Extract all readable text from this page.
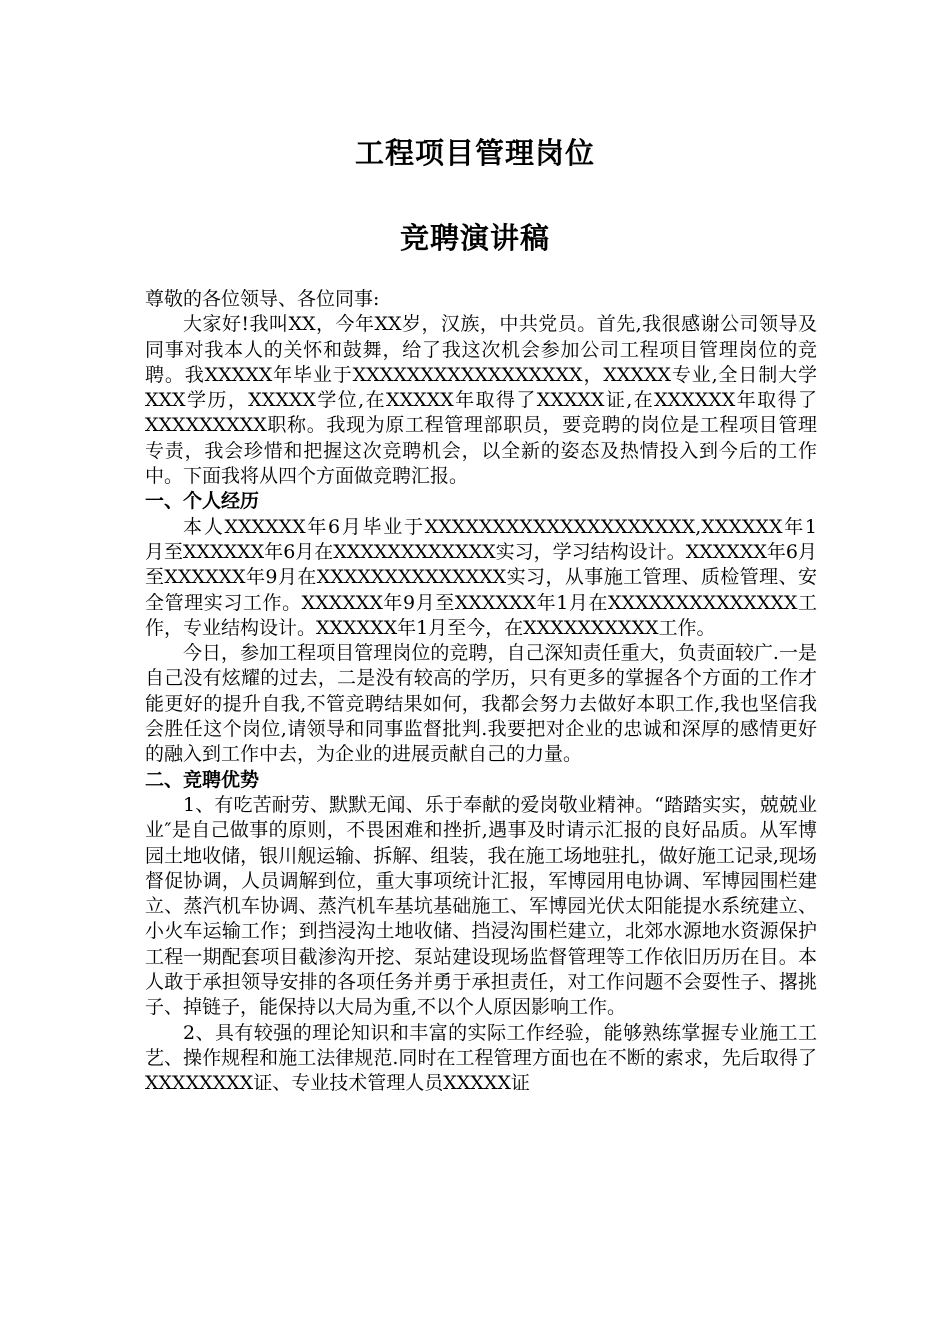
工程项目管理岗位
竞聘演讲稿

尊敬的各位领导、各位同事:

大家好!我叫XX，今年XX岁，汉族，中共党员。首先,我很感谢公司领导及同事对我本人的关怀和鼓舞，给了我这次机会参加公司工程项目管理岗位的竞聘。我XXXXX年毕业于XXXXXXXXXXXXXXXXX，XXXXX专业,全日制大学XXX学历，XXXXX学位,在XXXXX年取得了XXXXX证,在XXXXXX年取得了XXXXXXXXX职称。我现为原工程管理部职员，要竞聘的岗位是工程项目管理专责，我会珍惜和把握这次竞聘机会，以全新的姿态及热情投入到今后的工作中。下面我将从四个方面做竞聘汇报。

一、个人经历

本人XXXXXX年6月毕业于XXXXXXXXXXXXXXXXXXXX,XXXXXX年1月至XXXXXX年6月在XXXXXXXXXXXX实习，学习结构设计。XXXXXX年6月至XXXXXX年9月在XXXXXXXXXXXXXX实习，从事施工管理、质检管理、安全管理实习工作。XXXXXX年9月至XXXXXX年1月在XXXXXXXXXXXXXX工作，专业结构设计。XXXXXX年1月至今，在XXXXXXXXXX工作。

今日，参加工程项目管理岗位的竞聘，自己深知责任重大，负责面较广.一是自己没有炫耀的过去，二是没有较高的学历，只有更多的掌握各个方面的工作才能更好的提升自我,不管竞聘结果如何，我都会努力去做好本职工作,我也坚信我会胜任这个岗位,请领导和同事监督批判.我要把对企业的忠诚和深厚的感情更好的融入到工作中去，为企业的进展贡献自己的力量。

二、竞聘优势

1、有吃苦耐劳、默默无闻、乐于奉献的爱岗敬业精神。“踏踏实实，兢兢业业″是自己做事的原则，不畏困难和挫折,遇事及时请示汇报的良好品质。从军博园土地收储，银川舰运输、拆解、组装，我在施工场地驻扎，做好施工记录,现场督促协调，人员调解到位，重大事项统计汇报，军博园用电协调、军博园围栏建立、蒸汽机车协调、蒸汽机车基坑基础施工、军博园光伏太阳能提水系统建立、小火车运输工作；到挡浸沟土地收储、挡浸沟围栏建立，北郊水源地水资源保护工程一期配套项目截渗沟开挖、泵站建设现场监督管理等工作依旧历历在目。本人敢于承担领导安排的各项任务并勇于承担责任，对工作问题不会耍性子、撂挑子、掉链子，能保持以大局为重,不以个人原因影响工作。

2、具有较强的理论知识和丰富的实际工作经验，能够熟练掌握专业施工工艺、操作规程和施工法律规范.同时在工程管理方面也在不断的索求，先后取得了XXXXXXXX证、专业技术管理人员XXXXX证
